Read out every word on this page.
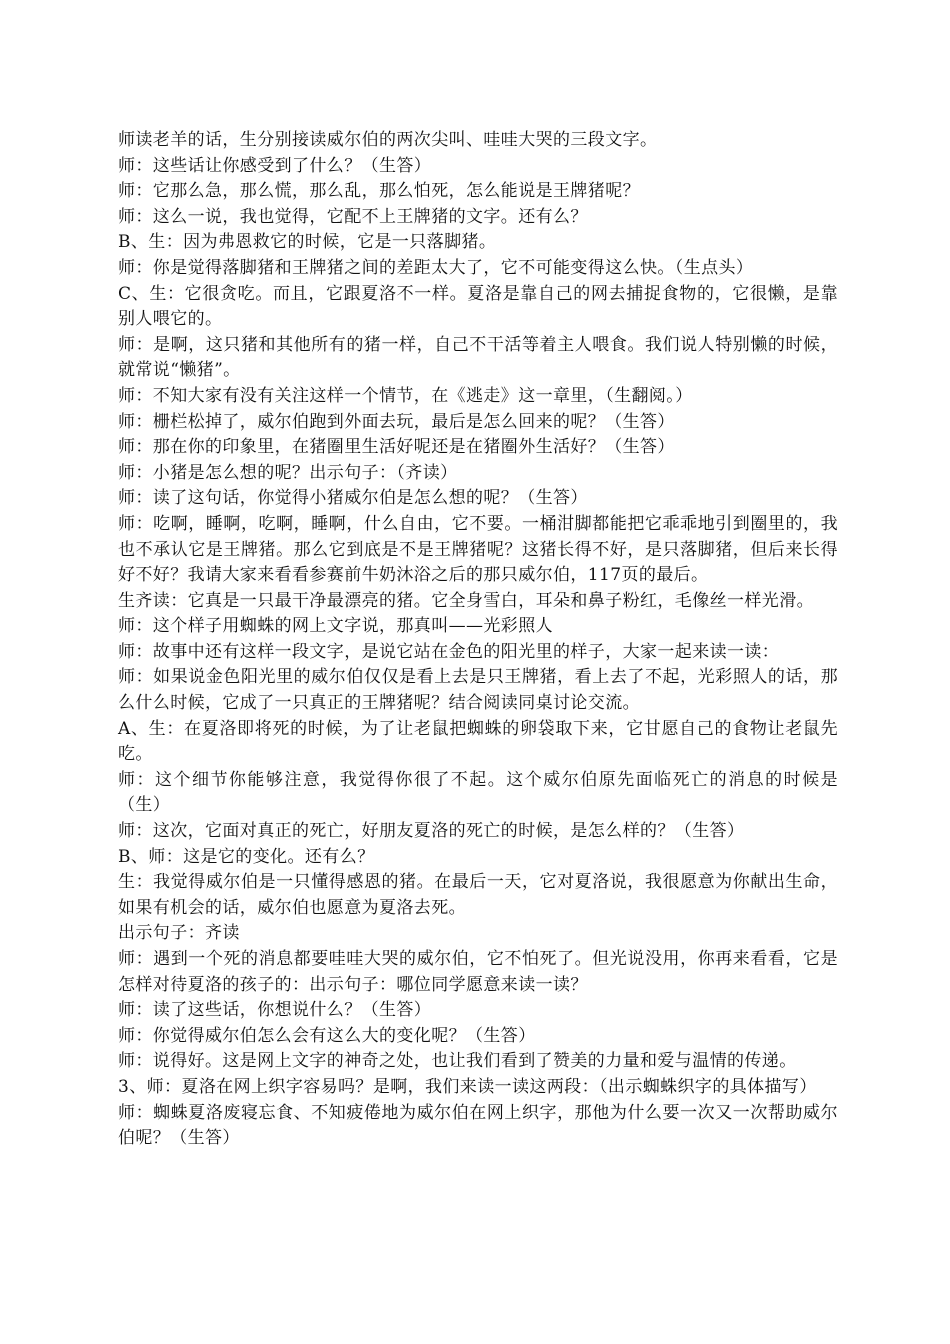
师读老羊的话，生分别接读威尔伯的两次尖叫、哇哇大哭的三段文字。

师：这些话让你感受到了什么？（生答）

师：它那么急，那么慌，那么乱，那么怕死，怎么能说是王牌猪呢？

师：这么一说，我也觉得，它配不上王牌猪的文字。还有么？

B、生：因为弗恩救它的时候，它是一只落脚猪。

师：你是觉得落脚猪和王牌猪之间的差距太大了，它不可能变得这么快。（生点头）

C、生：它很贪吃。而且，它跟夏洛不一样。夏洛是靠自己的网去捕捉食物的，它很懒，是靠别人喂它的。

师：是啊，这只猪和其他所有的猪一样，自己不干活等着主人喂食。我们说人特别懒的时候，就常说“懒猪”。

师：不知大家有没有关注这样一个情节，在《逃走》这一章里，（生翻阅。）

师：栅栏松掉了，威尔伯跑到外面去玩，最后是怎么回来的呢？（生答）

师：那在你的印象里，在猪圈里生活好呢还是在猪圈外生活好？（生答）

师：小猪是怎么想的呢？出示句子：（齐读）

师：读了这句话，你觉得小猪威尔伯是怎么想的呢？（生答）

师：吃啊，睡啊，吃啊，睡啊，什么自由，它不要。一桶泔脚都能把它乖乖地引到圈里的，我也不承认它是王牌猪。那么它到底是不是王牌猪呢？这猪长得不好，是只落脚猪，但后来长得好不好？我请大家来看看参赛前牛奶沐浴之后的那只威尔伯，117页的最后。

生齐读：它真是一只最干净最漂亮的猪。它全身雪白，耳朵和鼻子粉红，毛像丝一样光滑。

师：这个样子用蜘蛛的网上文字说，那真叫——光彩照人

师：故事中还有这样一段文字，是说它站在金色的阳光里的样子，大家一起来读一读：

师：如果说金色阳光里的威尔伯仅仅是看上去是只王牌猪，看上去了不起，光彩照人的话，那么什么时候，它成了一只真正的王牌猪呢？结合阅读同桌讨论交流。

A、生：在夏洛即将死的时候，为了让老鼠把蜘蛛的卵袋取下来，它甘愿自己的食物让老鼠先吃。

师：这个细节你能够注意，我觉得你很了不起。这个威尔伯原先面临死亡的消息的时候是（生）

师：这次，它面对真正的死亡，好朋友夏洛的死亡的时候，是怎么样的？（生答）

B、师：这是它的变化。还有么？

生：我觉得威尔伯是一只懂得感恩的猪。在最后一天，它对夏洛说，我很愿意为你献出生命，如果有机会的话，威尔伯也愿意为夏洛去死。

出示句子：齐读

师：遇到一个死的消息都要哇哇大哭的威尔伯，它不怕死了。但光说没用，你再来看看，它是怎样对待夏洛的孩子的：出示句子：哪位同学愿意来读一读？

师：读了这些话，你想说什么？（生答）

师：你觉得威尔伯怎么会有这么大的变化呢？（生答）

师：说得好。这是网上文字的神奇之处，也让我们看到了赞美的力量和爱与温情的传递。

3、师：夏洛在网上织字容易吗？是啊，我们来读一读这两段：（出示蜘蛛织字的具体描写）

师：蜘蛛夏洛废寝忘食、不知疲倦地为威尔伯在网上织字，那他为什么要一次又一次帮助威尔伯呢？（生答）
